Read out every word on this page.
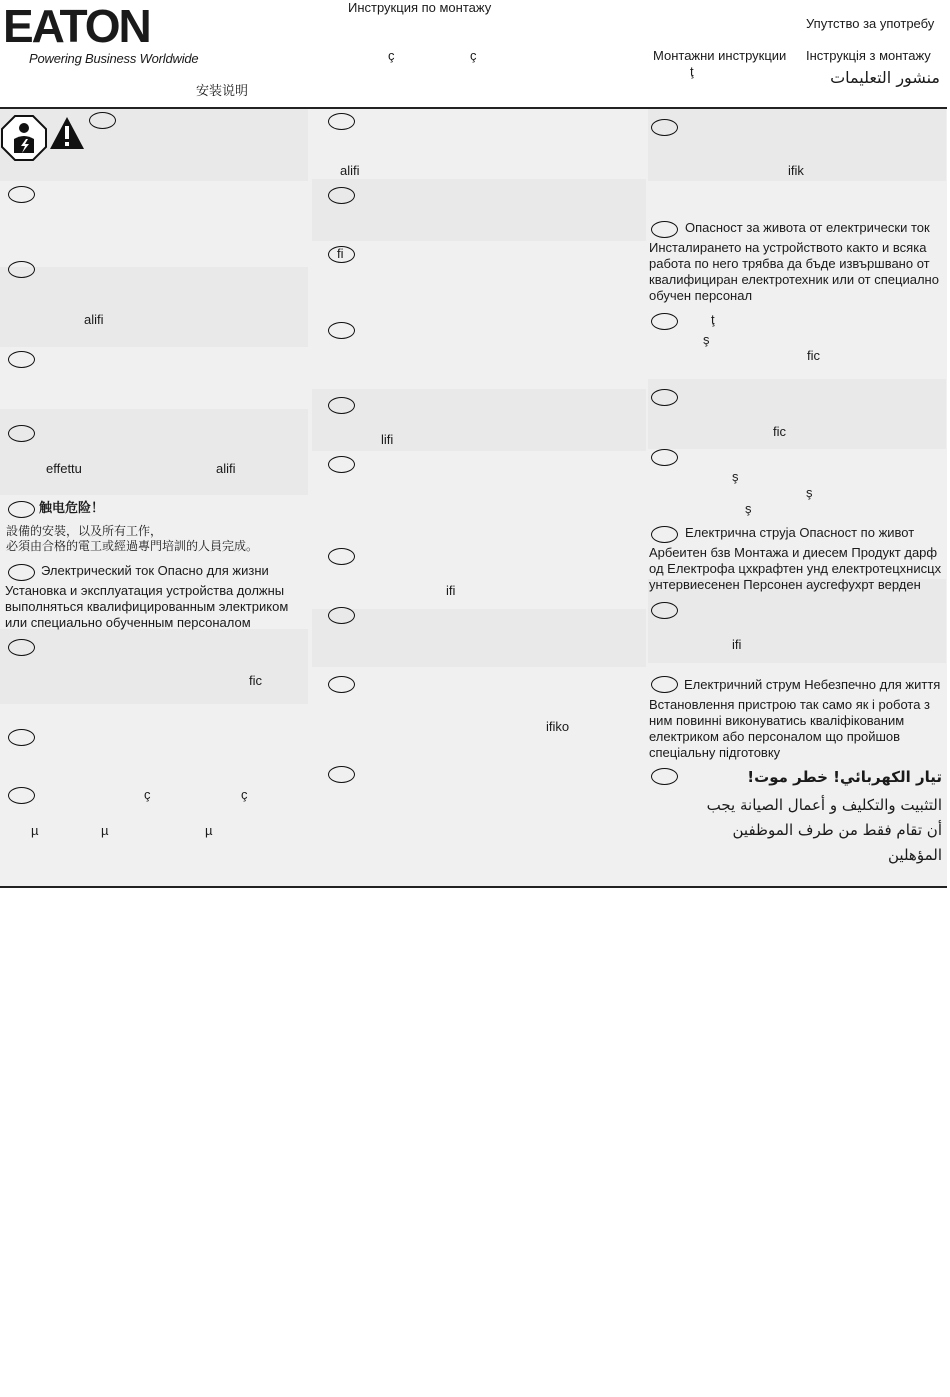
EATON
Powering Business Worldwide
Инструкция по монтажу
Упутство за употребу
ç	ç	Монтажни инструкции Інструкція з монтажу
ţ	منشور التعليمات
安装说明
alifi
effettu	alifi
触电危险！
設備的安裝，以及所有工作，
必須由合格的電工或經過專門培訓的人員完成。
Электрический ток Опасно для жизни
Установка и эксплуатация устройства должны
выполняться квалифицированным электриком
или специально обученным персоналом
fic
ç	ç
µ	µ	µ
alifi
fi
lifi
ifi
ifiko
ifik
Опасност за живота от електрически ток
Инсталирането на устройството както и всяка
работа по него трябва да бъде извършвано от
квалифициран електротехник или от специално
обучен персонал
ţ
ş
fic
fic
ş
ş
ş
Електрична струја Опасност по живот
Арбеитен бзв Монтажа и диесем Продукт дарф
од Електрофа цхкрафтен унд електротецхнисцх
унтервиесенен Персонен аусгефухрт верден
ifi
Електричний струм Небезпечно для життя
Встановлення пристрою так само як і робота з
ним повинні виконуватись кваліфікованим
електриком або персоналом що пройшов
спеціальну підготовку
تيار الكهربائي! خطر موت!
التثبيت والتكليف و أعمال الصيانة يجب
أن تقام فقط من طرف الموظفين
المؤهلين
